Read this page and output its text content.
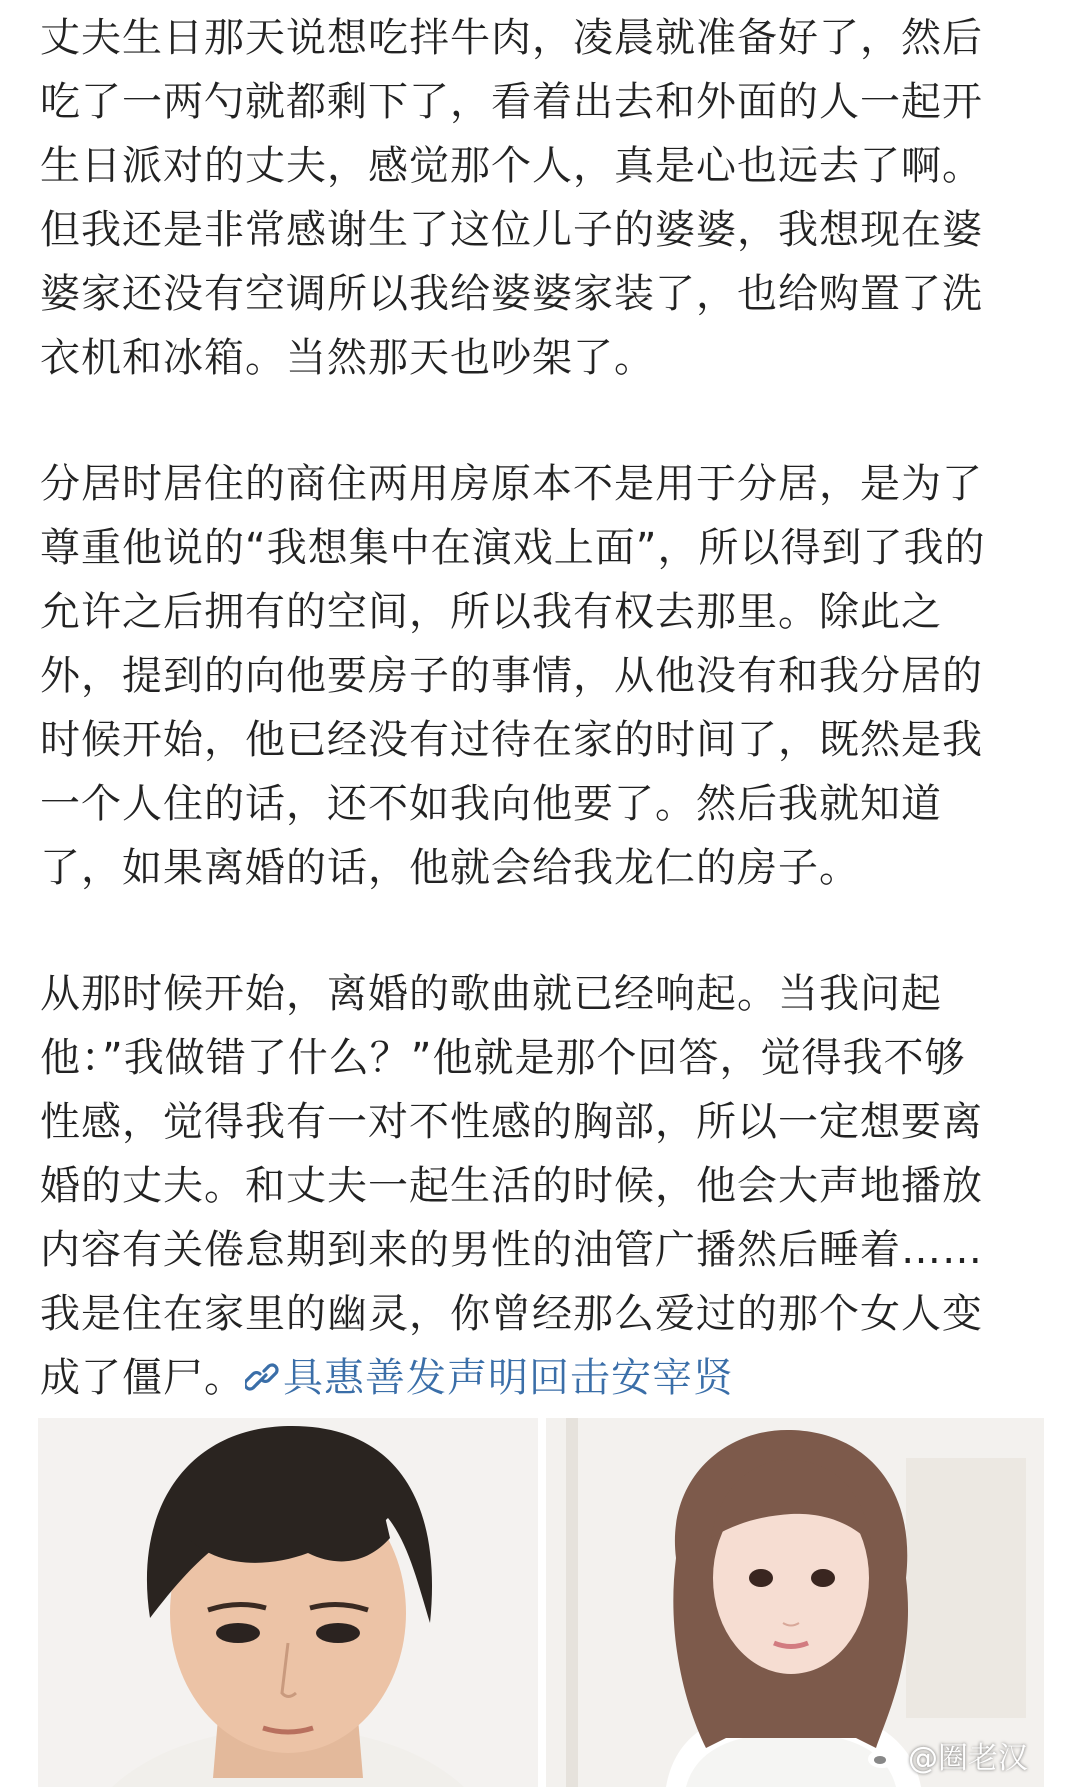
丈夫生日那天说想吃拌牛肉，凌晨就准备好了，然后

吃了一两勺就都剩下了，看着出去和外面的人一起开

生日派对的丈夫，感觉那个人，真是心也远去了啊。

但我还是非常感谢生了这位儿子的婆婆，我想现在婆

婆家还没有空调所以我给婆婆家装了，也给购置了洗

衣机和冰箱。当然那天也吵架了。

分居时居住的商住两用房原本不是用于分居，是为了

尊重他说的“我想集中在演戏上面”，所以得到了我的

允许之后拥有的空间，所以我有权去那里。除此之

外，提到的向他要房子的事情，从他没有和我分居的

时候开始，他已经没有过待在家的时间了，既然是我

一个人住的话，还不如我向他要了。然后我就知道

了，如果离婚的话，他就会给我龙仁的房子。

从那时候开始，离婚的歌曲就已经响起。当我问起

他：”我做错了什么？”他就是那个回答，觉得我不够

性感，觉得我有一对不性感的胸部，所以一定想要离

婚的丈夫。和丈夫一起生活的时候，他会大声地播放

内容有关倦怠期到来的男性的油管广播然后睡着……

我是住在家里的幽灵，你曾经那么爱过的那个女人变

成了僵尸。 具惠善发声明回击安宰贤

@圈老汉
